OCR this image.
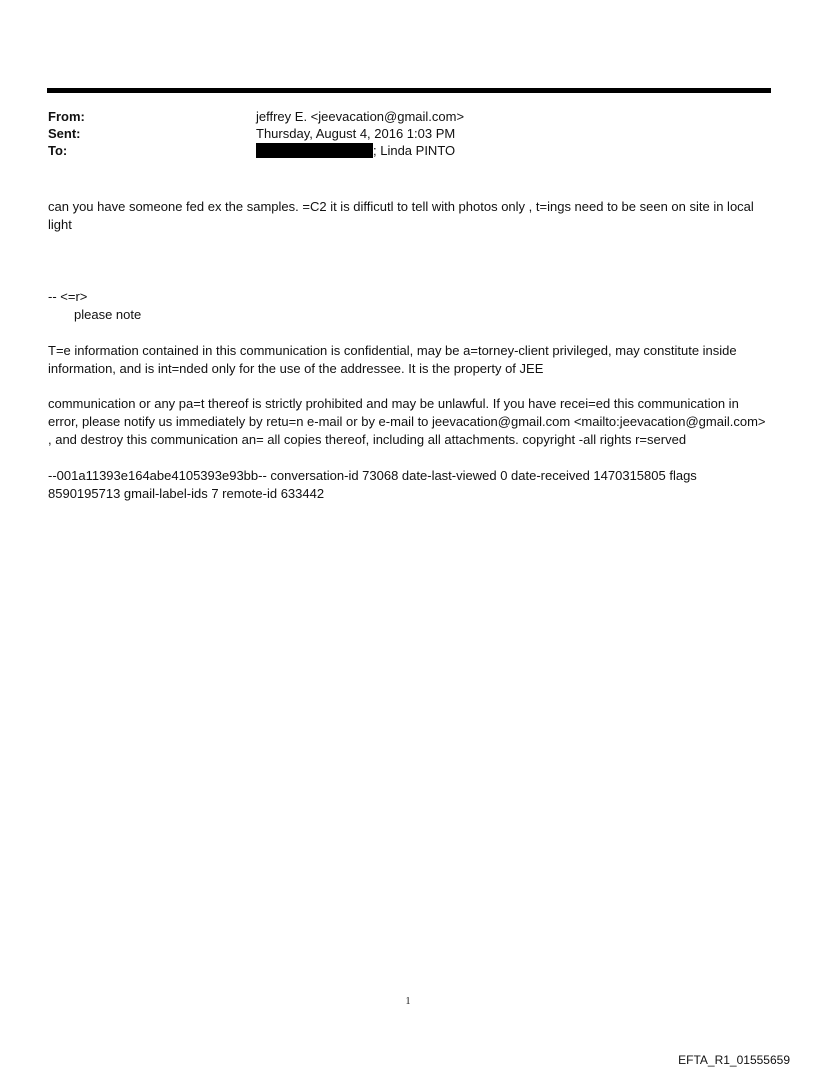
From:	jeffrey E. <jeevacation@gmail.com>
Sent:	Thursday, August 4, 2016 1:03 PM
To:	; Linda PINTO

can you have someone fed ex the samples. =C2 it is difficutl to tell with photos only , t=ings need to be seen on site in local light

-- <=r>

please note

T=e information contained in this communication is confidential, may be a=torney-client privileged, may constitute inside information, and is int=nded only for the use of the addressee. It is the property of JEE

communication or any pa=t thereof is strictly prohibited and may be unlawful. If you have recei=ed this communication in error, please notify us immediately by retu=n e-mail or by e-mail to jeevacation@gmail.com <mailto:jeevacation@gmail.com> , and destroy this communication an= all copies thereof, including all attachments. copyright -all rights r=served

--001a11393e164abe4105393e93bb-- conversation-id 73068 date-last-viewed 0 date-received 1470315805 flags 8590195713 gmail-label-ids 7 remote-id 633442

1
EFTA_R1_01555659
